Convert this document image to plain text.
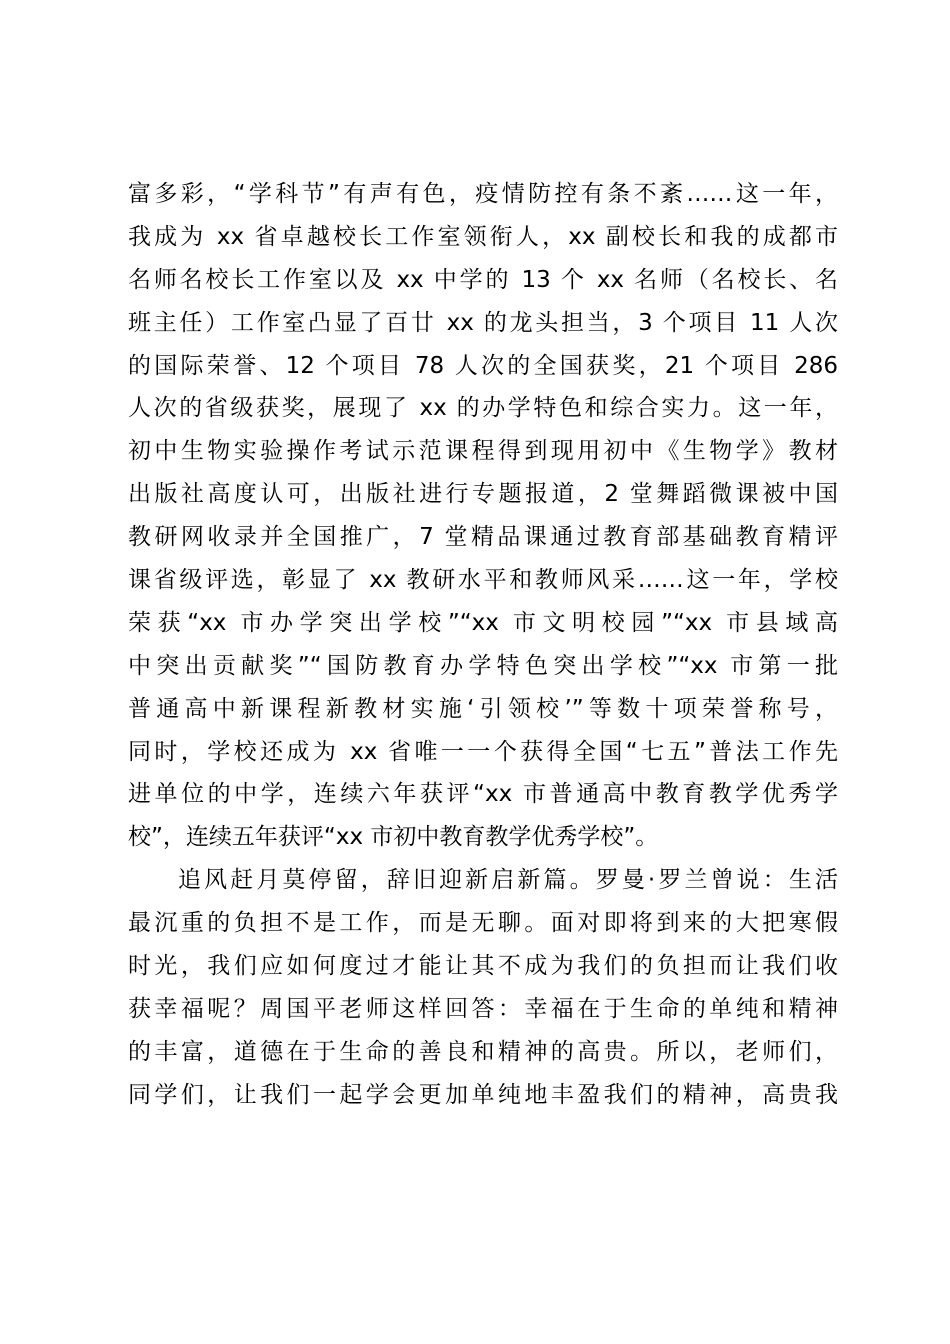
富多彩，“学科节”有声有色，疫情防控有条不紊……这一年，
我成为 xx 省卓越校长工作室领衔人，xx 副校长和我的成都市
名师名校长工作室以及 xx 中学的 13 个 xx 名师（名校长、名
班主任）工作室凸显了百廿 xx 的龙头担当，3 个项目 11 人次
的国际荣誉、12 个项目 78 人次的全国获奖，21 个项目 286
人次的省级获奖，展现了 xx 的办学特色和综合实力。这一年，
初中生物实验操作考试示范课程得到现用初中《生物学》教材
出版社高度认可，出版社进行专题报道，2 堂舞蹈微课被中国
教研网收录并全国推广，7 堂精品课通过教育部基础教育精评
课省级评选，彰显了 xx 教研水平和教师风采……这一年，学校
荣获“xx 市办学突出学校”“xx 市文明校园”“xx 市县域高
中突出贡献奖”“国防教育办学特色突出学校”“xx 市第一批
普通高中新课程新教材实施‘引领校’”等数十项荣誉称号，
同时，学校还成为 xx 省唯一一个获得全国“七五”普法工作先
进单位的中学，连续六年获评“xx 市普通高中教育教学优秀学
校”，连续五年获评“xx 市初中教育教学优秀学校”。
追风赶月莫停留，辞旧迎新启新篇。罗曼·罗兰曾说：生活
最沉重的负担不是工作，而是无聊。面对即将到来的大把寒假
时光，我们应如何度过才能让其不成为我们的负担而让我们收
获幸福呢？周国平老师这样回答：幸福在于生命的单纯和精神
的丰富，道德在于生命的善良和精神的高贵。所以，老师们，
同学们，让我们一起学会更加单纯地丰盈我们的精神，高贵我
